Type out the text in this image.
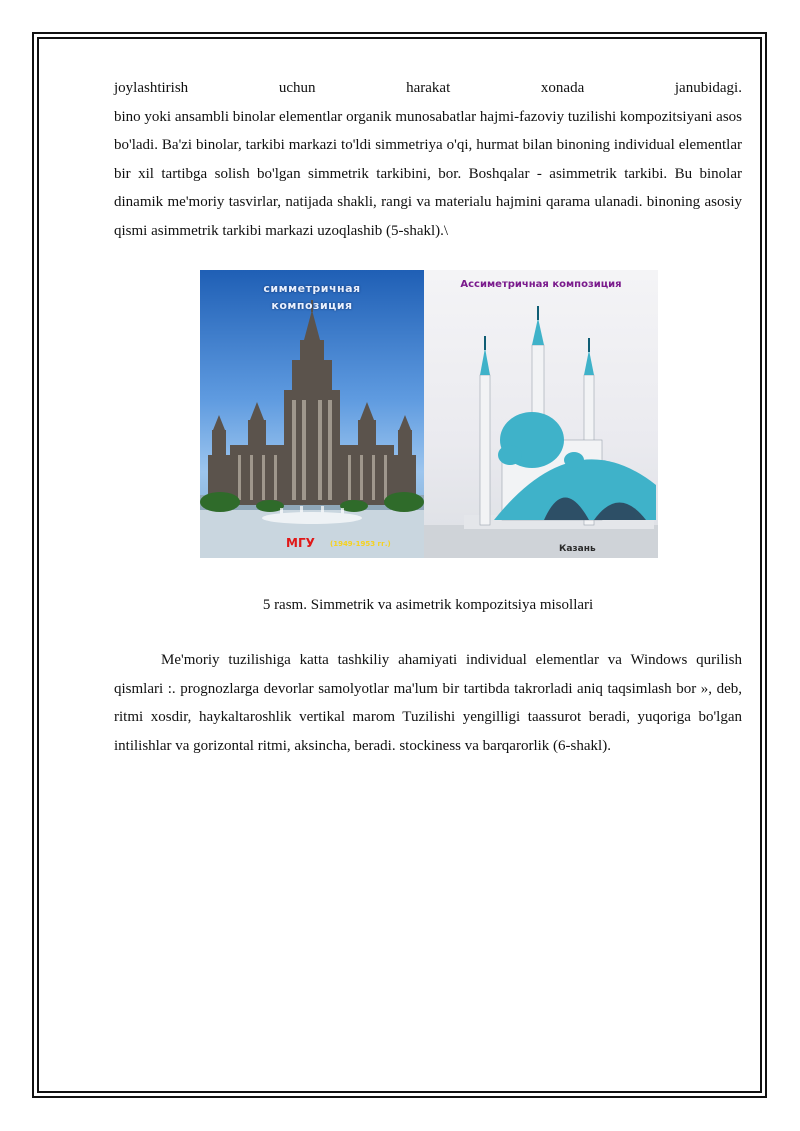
joylashtirish	uchun	harakat	xonada	janubidagi.

bino yoki ansambli binolar elementlar organik munosabatlar hajmi-fazoviy tuzilishi kompozitsiyani asos bo'ladi. Ba'zi binolar, tarkibi markazi to'ldi simmetriya o'qi, hurmat bilan binoning individual elementlar bir xil tartibga solish bo'lgan simmetrik tarkibini, bor. Boshqalar - asimmetrik tarkibi. Bu binolar dinamik me'moriy tasvirlar, natijada shakli, rangi va materialu hajmini qarama ulanadi. binoning asosiy qismi asimmetrik tarkibi markazi uzoqlashib (5-shakl).\

симметричная
композиция
МГУ (1949-1953 гг.)
Ассиметричная композиция
Казань
5 rasm. Simmetrik va asimetrik kompozitsiya misollari

Me'moriy tuzilishiga katta tashkiliy ahamiyati individual elementlar va Windows qurilish qismlari :. prognozlarga devorlar samolyotlar ma'lum bir tartibda takrorladi aniq taqsimlash bor », deb, ritmi xosdir, haykaltaroshlik vertikal marom Tuzilishi yengilligi taassurot beradi, yuqoriga bo'lgan intilishlar va gorizontal ritmi, aksincha, beradi. stockiness va barqarorlik (6-shakl).
